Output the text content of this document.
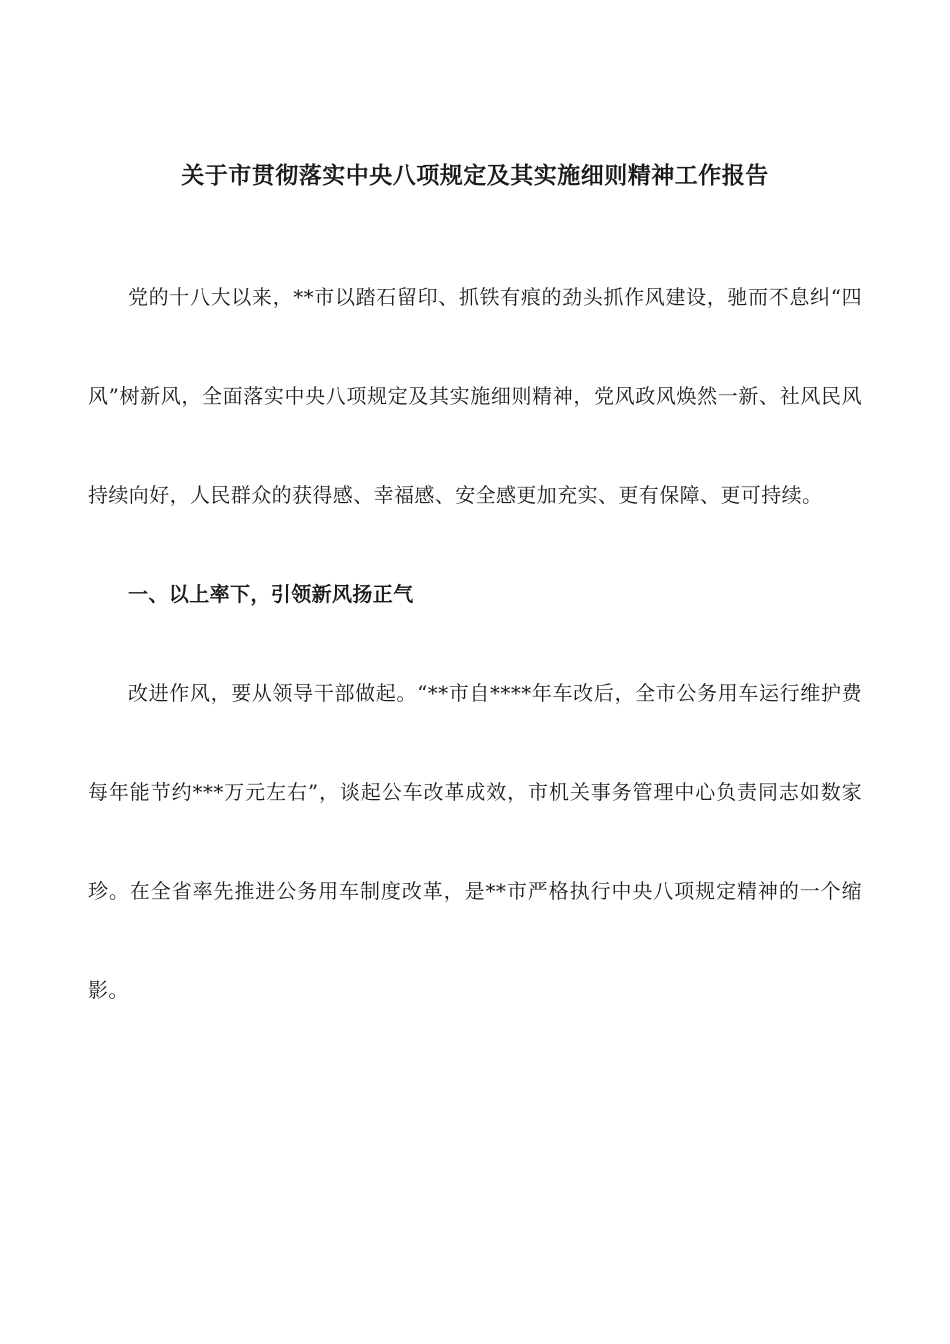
关于市贯彻落实中央八项规定及其实施细则精神工作报告

党的十八大以来，**市以踏石留印、抓铁有痕的劲头抓作风建设，驰而不息纠“四风”树新风，全面落实中央八项规定及其实施细则精神，党风政风焕然一新、社风民风持续向好，人民群众的获得感、幸福感、安全感更加充实、更有保障、更可持续。

一、以上率下，引领新风扬正气

改进作风，要从领导干部做起。“**市自****年车改后，全市公务用车运行维护费每年能节约***万元左右”，谈起公车改革成效，市机关事务管理中心负责同志如数家珍。在全省率先推进公务用车制度改革，是**市严格执行中央八项规定精神的一个缩影。
